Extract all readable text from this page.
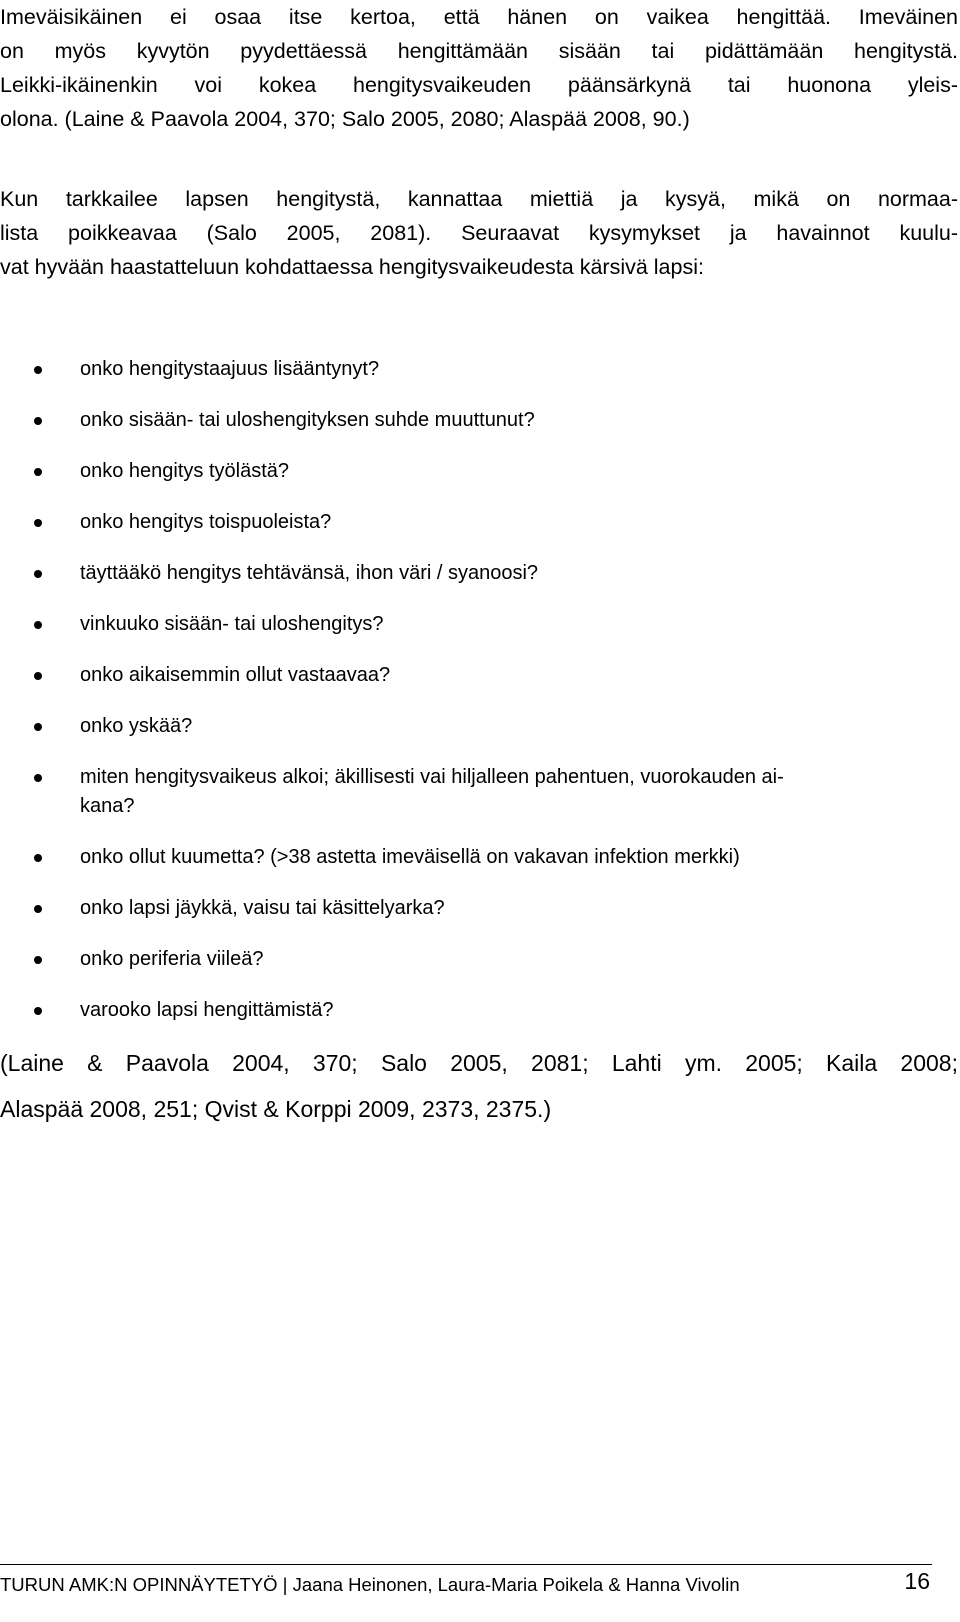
Imeväisikäinen ei osaa itse kertoa, että hänen on vaikea hengittää. Imeväinen
on myös kyvytön pyydettäessä hengittämään sisään tai pidättämään hengitystä.
Leikki-ikäinenkin voi kokea hengitysvaikeuden päänsärkynä tai huonona yleis-
olona. (Laine & Paavola 2004, 370; Salo 2005, 2080; Alaspää 2008, 90.)
Kun tarkkailee lapsen hengitystä, kannattaa miettiä ja kysyä, mikä on normaa-
lista poikkeavaa (Salo 2005, 2081). Seuraavat kysymykset ja havainnot kuulu-
vat hyvään haastatteluun kohdattaessa hengitysvaikeudesta kärsivä lapsi:
onko hengitystaajuus lisääntynyt?
onko sisään- tai uloshengityksen suhde muuttunut?
onko hengitys työlästä?
onko hengitys toispuoleista?
täyttääkö hengitys tehtävänsä, ihon väri / syanoosi?
vinkuuko sisään- tai uloshengitys?
onko aikaisemmin ollut vastaavaa?
onko yskää?
miten hengitysvaikeus alkoi; äkillisesti vai hiljalleen pahentuen, vuorokauden ai-
kana?
onko ollut kuumetta? (>38 astetta imeväisellä on vakavan infektion merkki)
onko lapsi jäykkä, vaisu tai käsittelyarka?
onko periferia viileä?
varooko lapsi hengittämistä?
(Laine & Paavola 2004, 370; Salo 2005, 2081; Lahti ym. 2005; Kaila 2008;
Alaspää 2008, 251; Qvist & Korppi 2009, 2373, 2375.)
TURUN AMK:N OPINNÄYTETYÖ | Jaana Heinonen, Laura-Maria Poikela & Hanna Vivolin	16
